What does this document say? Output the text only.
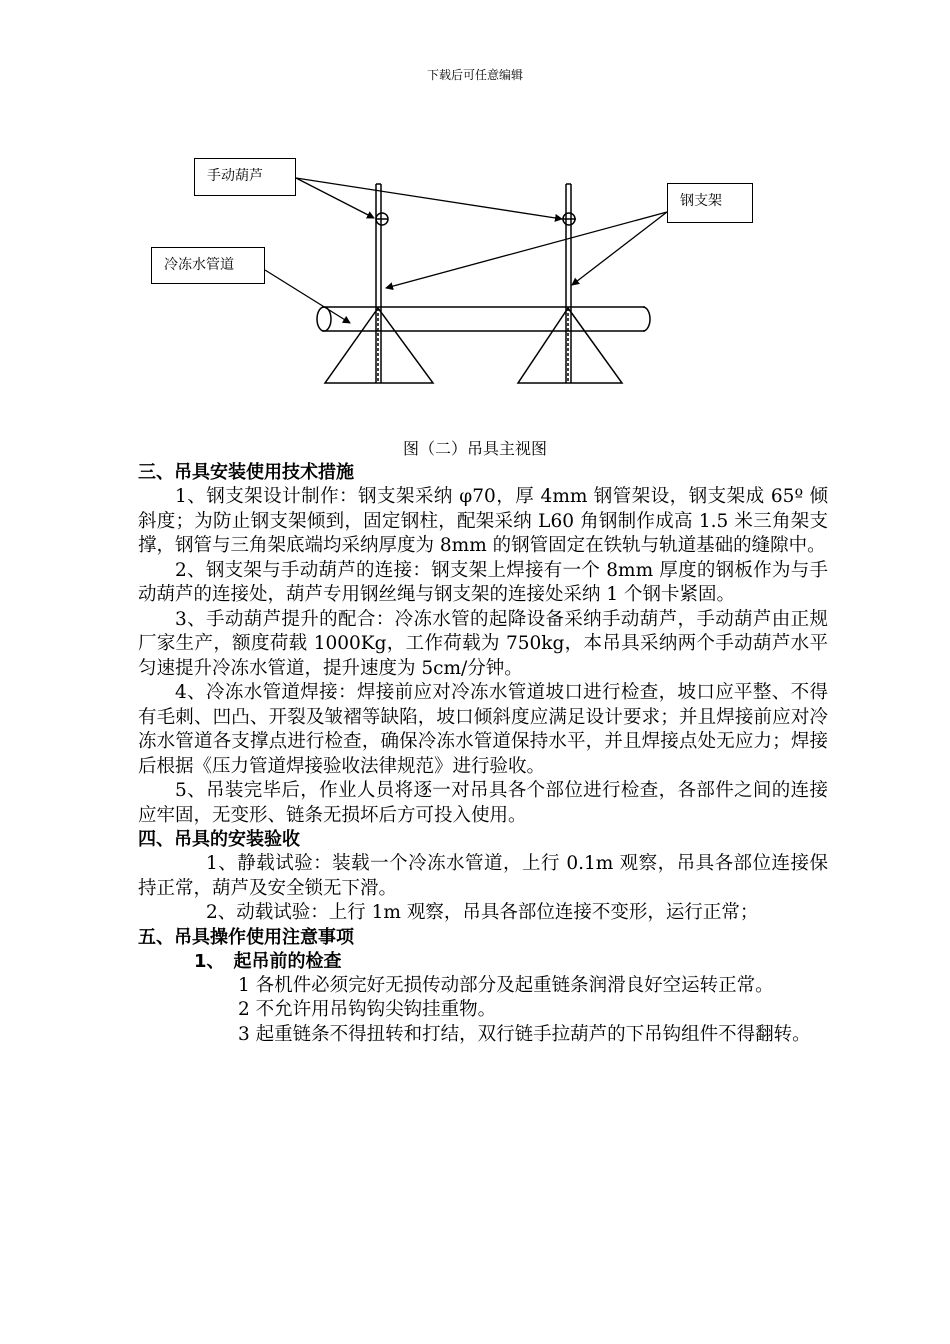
下载后可任意编辑
手动葫芦
钢支架
冷冻水管道
图（二）吊具主视图
三、吊具安装使用技术措施
1、钢支架设计制作：钢支架采纳 φ70，厚 4mm 钢管架设，钢支架成 65º 倾斜度；为防止钢支架倾到，固定钢柱，配架采纳 L60 角钢制作成高 1.5 米三角架支撑，钢管与三角架底端均采纳厚度为 8mm 的钢管固定在铁轨与轨道基础的缝隙中。
2、钢支架与手动葫芦的连接：钢支架上焊接有一个 8mm 厚度的钢板作为与手动葫芦的连接处，葫芦专用钢丝绳与钢支架的连接处采纳 1 个钢卡紧固。
3、手动葫芦提升的配合：冷冻水管的起降设备采纳手动葫芦，手动葫芦由正规厂家生产，额度荷载 1000Kg，工作荷载为 750kg，本吊具采纳两个手动葫芦水平匀速提升冷冻水管道，提升速度为 5cm/分钟。
4、冷冻水管道焊接：焊接前应对冷冻水管道坡口进行检查，坡口应平整、不得有毛刺、凹凸、开裂及皱褶等缺陷，坡口倾斜度应满足设计要求；并且焊接前应对冷冻水管道各支撑点进行检查，确保冷冻水管道保持水平，并且焊接点处无应力；焊接后根据《压力管道焊接验收法律规范》进行验收。
5、吊装完毕后，作业人员将逐一对吊具各个部位进行检查，各部件之间的连接应牢固，无变形、链条无损坏后方可投入使用。
四、吊具的安装验收
1、静载试验：装载一个冷冻水管道，上行 0.1m 观察，吊具各部位连接保持正常，葫芦及安全锁无下滑。
2、动载试验：上行 1m 观察，吊具各部位连接不变形，运行正常；
五、吊具操作使用注意事项
1、　起吊前的检查
1 各机件必须完好无损传动部分及起重链条润滑良好空运转正常。
2 不允许用吊钩钩尖钩挂重物。
3 起重链条不得扭转和打结，双行链手拉葫芦的下吊钩组件不得翻转。
